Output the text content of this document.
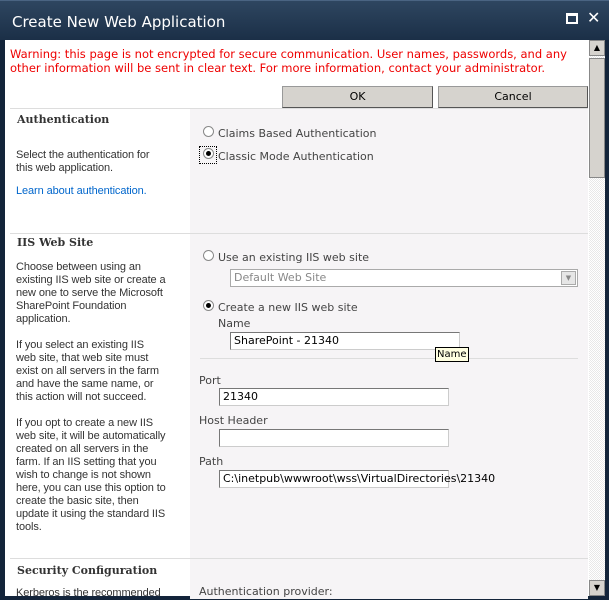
Create New Web Application	✕
Warning: this page is not encrypted for secure communication. User names, passwords, and any other information will be sent in clear text. For more information, contact your administrator.
OK	Cancel
Authentication
Select the authentication for this web application.
Learn about authentication.
Claims Based Authentication
Classic Mode Authentication
IIS Web Site
Choose between using an existing IIS web site or create a new one to serve the Microsoft SharePoint Foundation application.
If you select an existing IIS web site, that web site must exist on all servers in the farm and have the same name, or this action will not succeed.
If you opt to create a new IIS web site, it will be automatically created on all servers in the farm. If an IIS setting that you wish to change is not shown here, you can use this option to create the basic site, then update it using the standard IIS tools.
Use an existing IIS web site
Default Web Site	▼
Create a new IIS web site
Name
SharePoint - 21340
Port
21340
Host Header
Path
C:\inetpub\wwwroot\wss\VirtualDirectories\21340
Name
Security Configuration
Kerberos is the recommended	Authentication provider:
▲
▼
